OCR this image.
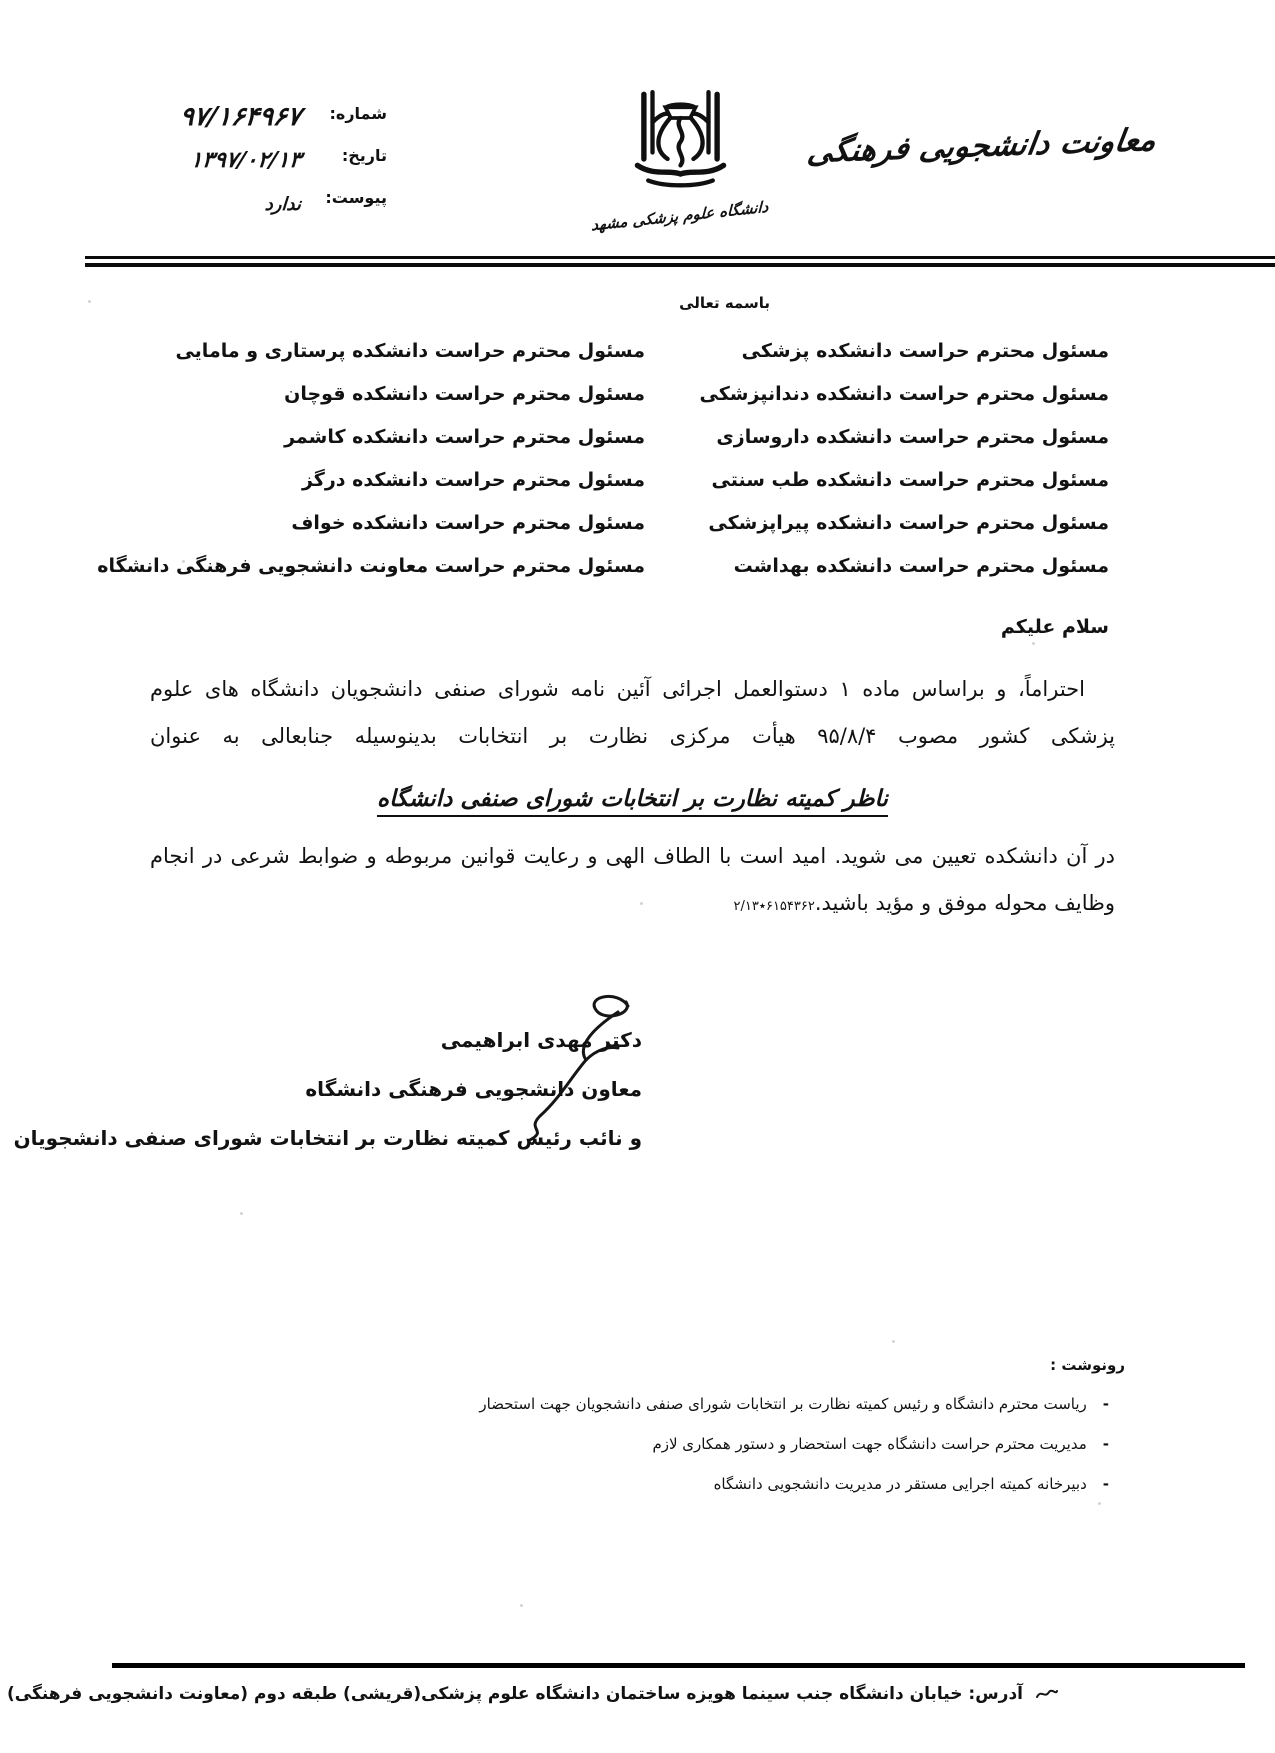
شماره:
۹۷/۱۶۴۹۶۷
تاریخ:
۱۳۹۷/۰۲/۱۳
پیوست:
ندارد	دانشگاه علوم پزشکی مشهد
معاونت دانشجویی فرهنگی
باسمه تعالی
مسئول محترم حراست دانشکده پزشکی
مسئول محترم حراست دانشکده دندانپزشکی
مسئول محترم حراست دانشکده داروسازی
مسئول محترم حراست دانشکده طب سنتی
مسئول محترم حراست دانشکده پیراپزشکی
مسئول محترم حراست دانشکده بهداشت
مسئول محترم حراست دانشکده پرستاری و مامایی
مسئول محترم حراست دانشکده قوچان
مسئول محترم حراست دانشکده کاشمر
مسئول محترم حراست دانشکده درگز
مسئول محترم حراست دانشکده خواف
مسئول محترم حراست معاونت دانشجویی فرهنگی دانشگاه
سلام علیکم

احتراماً، و براساس ماده ۱ دستوالعمل اجرائی آئین نامه شورای صنفی دانشجویان دانشگاه های علوم پزشکی کشور مصوب ۹۵/۸/۴ هیأت مرکزی نظارت بر انتخابات بدینوسیله جنابعالی به عنوان

ناظر کمیته نظارت بر انتخابات شورای صنفی دانشگاه

در آن دانشکده تعیین می شوید. امید است با الطاف الهی و رعایت قوانین مربوطه و ضوابط شرعی در انجام وظایف محوله موفق و مؤید باشید.۲/۱۳٭۶۱۵۴۳۶۲

دکتر مهدی ابراهیمی
معاون دانشجویی فرهنگی دانشگاه
و نائب رئیس کمیته نظارت بر انتخابات شورای صنفی دانشجویان
رونوشت :
-
ریاست محترم دانشگاه و رئیس کمیته نظارت بر انتخابات شورای صنفی دانشجویان جهت استحضار
-
مدیریت محترم حراست دانشگاه جهت استحضار و دستور همکاری لازم
-
دبیرخانه کمیته اجرایی مستقر در مدیریت دانشجویی دانشگاه
آدرس: خیابان دانشگاه جنب سینما هویزه ساختمان دانشگاه علوم پزشکی(قریشی) طبقه دوم (معاونت دانشجویی فرهنگی)
